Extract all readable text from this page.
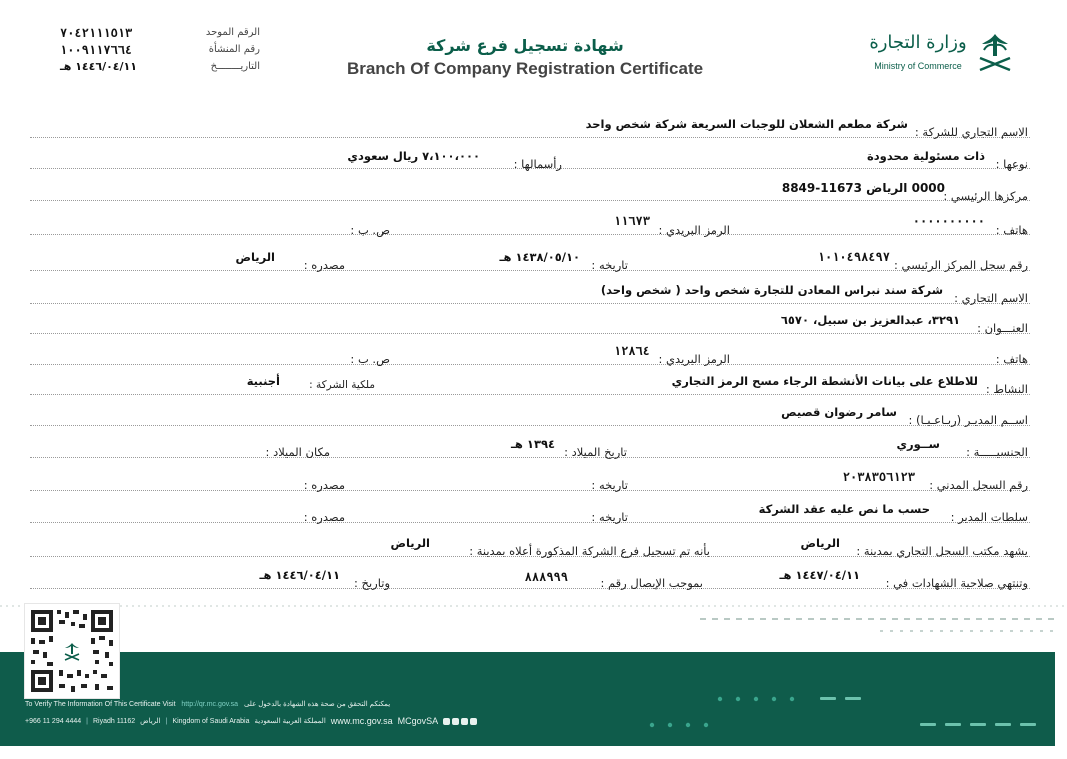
الرقم الموحد
٧٠٤٢١١١٥١٣
رقم المنشأة
١٠٠٩١١٧٦٦٤
التاريــــــــخ
١٤٤٦/٠٤/١١ هـ
شهادة تسجيل فرع شركة
Branch Of Company Registration Certificate
وزارة التجارة
Ministry of Commerce
الاسم التجاري للشركة :
شركة مطعم الشعلان للوجبات السريعة شركة شخص واحد
نوعها :
ذات مسئولية محدودة
رأسمالها :
٧،١٠٠،٠٠٠ ريال سعودي
مركزها الرئيسي :
0000 الرياض 11673-8849
هاتف :
٠٠٠٠٠٠٠٠٠٠
الرمز البريدي :
١١٦٧٣
ص. ب :
رقم سجل المركز الرئيسي :
١٠١٠٤٩٨٤٩٧
تاريخه :
١٤٣٨/٠٥/١٠ هـ
مصدره :
الرياض
الاسم التجاري :
شركة سند نبراس المعادن للتجارة شخص واحد ( شخص واحد)
العنـــوان :
٣٢٩١، عبدالعزيز بن سبيل، ٦٥٧٠
هاتف :
الرمز البريدي :
١٢٨٦٤
ص. ب :
النشاط :
للاطلاع على بيانات الأنشطة الرجاء مسح الرمز التجاري
ملكية الشركة :
أجنبية
اســم المديـر (ربـاعـيـا) :
سامر رضوان قصيص
الجنسيـــــة :
ســوري
تاريخ الميلاد :
١٣٩٤ هـ
مكان الميلاد :
رقم السجل المدني :
٢٠٣٨٣٥٦١٢٣
تاريخه :
مصدره :
سلطات المدير :
حسب ما نص عليه عقد الشركة
تاريخه :
مصدره :
يشهد مكتب السجل التجاري بمدينة :
الرياض
بأنه تم تسجيل فرع الشركة المذكورة أعلاه بمدينة :
الرياض
وتنتهي صلاحية الشهادات في :
١٤٤٧/٠٤/١١ هـ
بموجب الإيصال رقم :
٨٨٨٩٩٩
وتاريخ :
١٤٤٦/٠٤/١١ هـ
To Verify The Information Of This Certificate Visit http://qr.mc.gov.sa يمكنكم التحقق من صحة هذه الشهادة بالدخول على
+966 11 294 4444 | Riyadh 11162 الرياض | Kingdom of Saudi Arabia المملكة العربية السعودية www.mc.gov.sa MCgovSA
